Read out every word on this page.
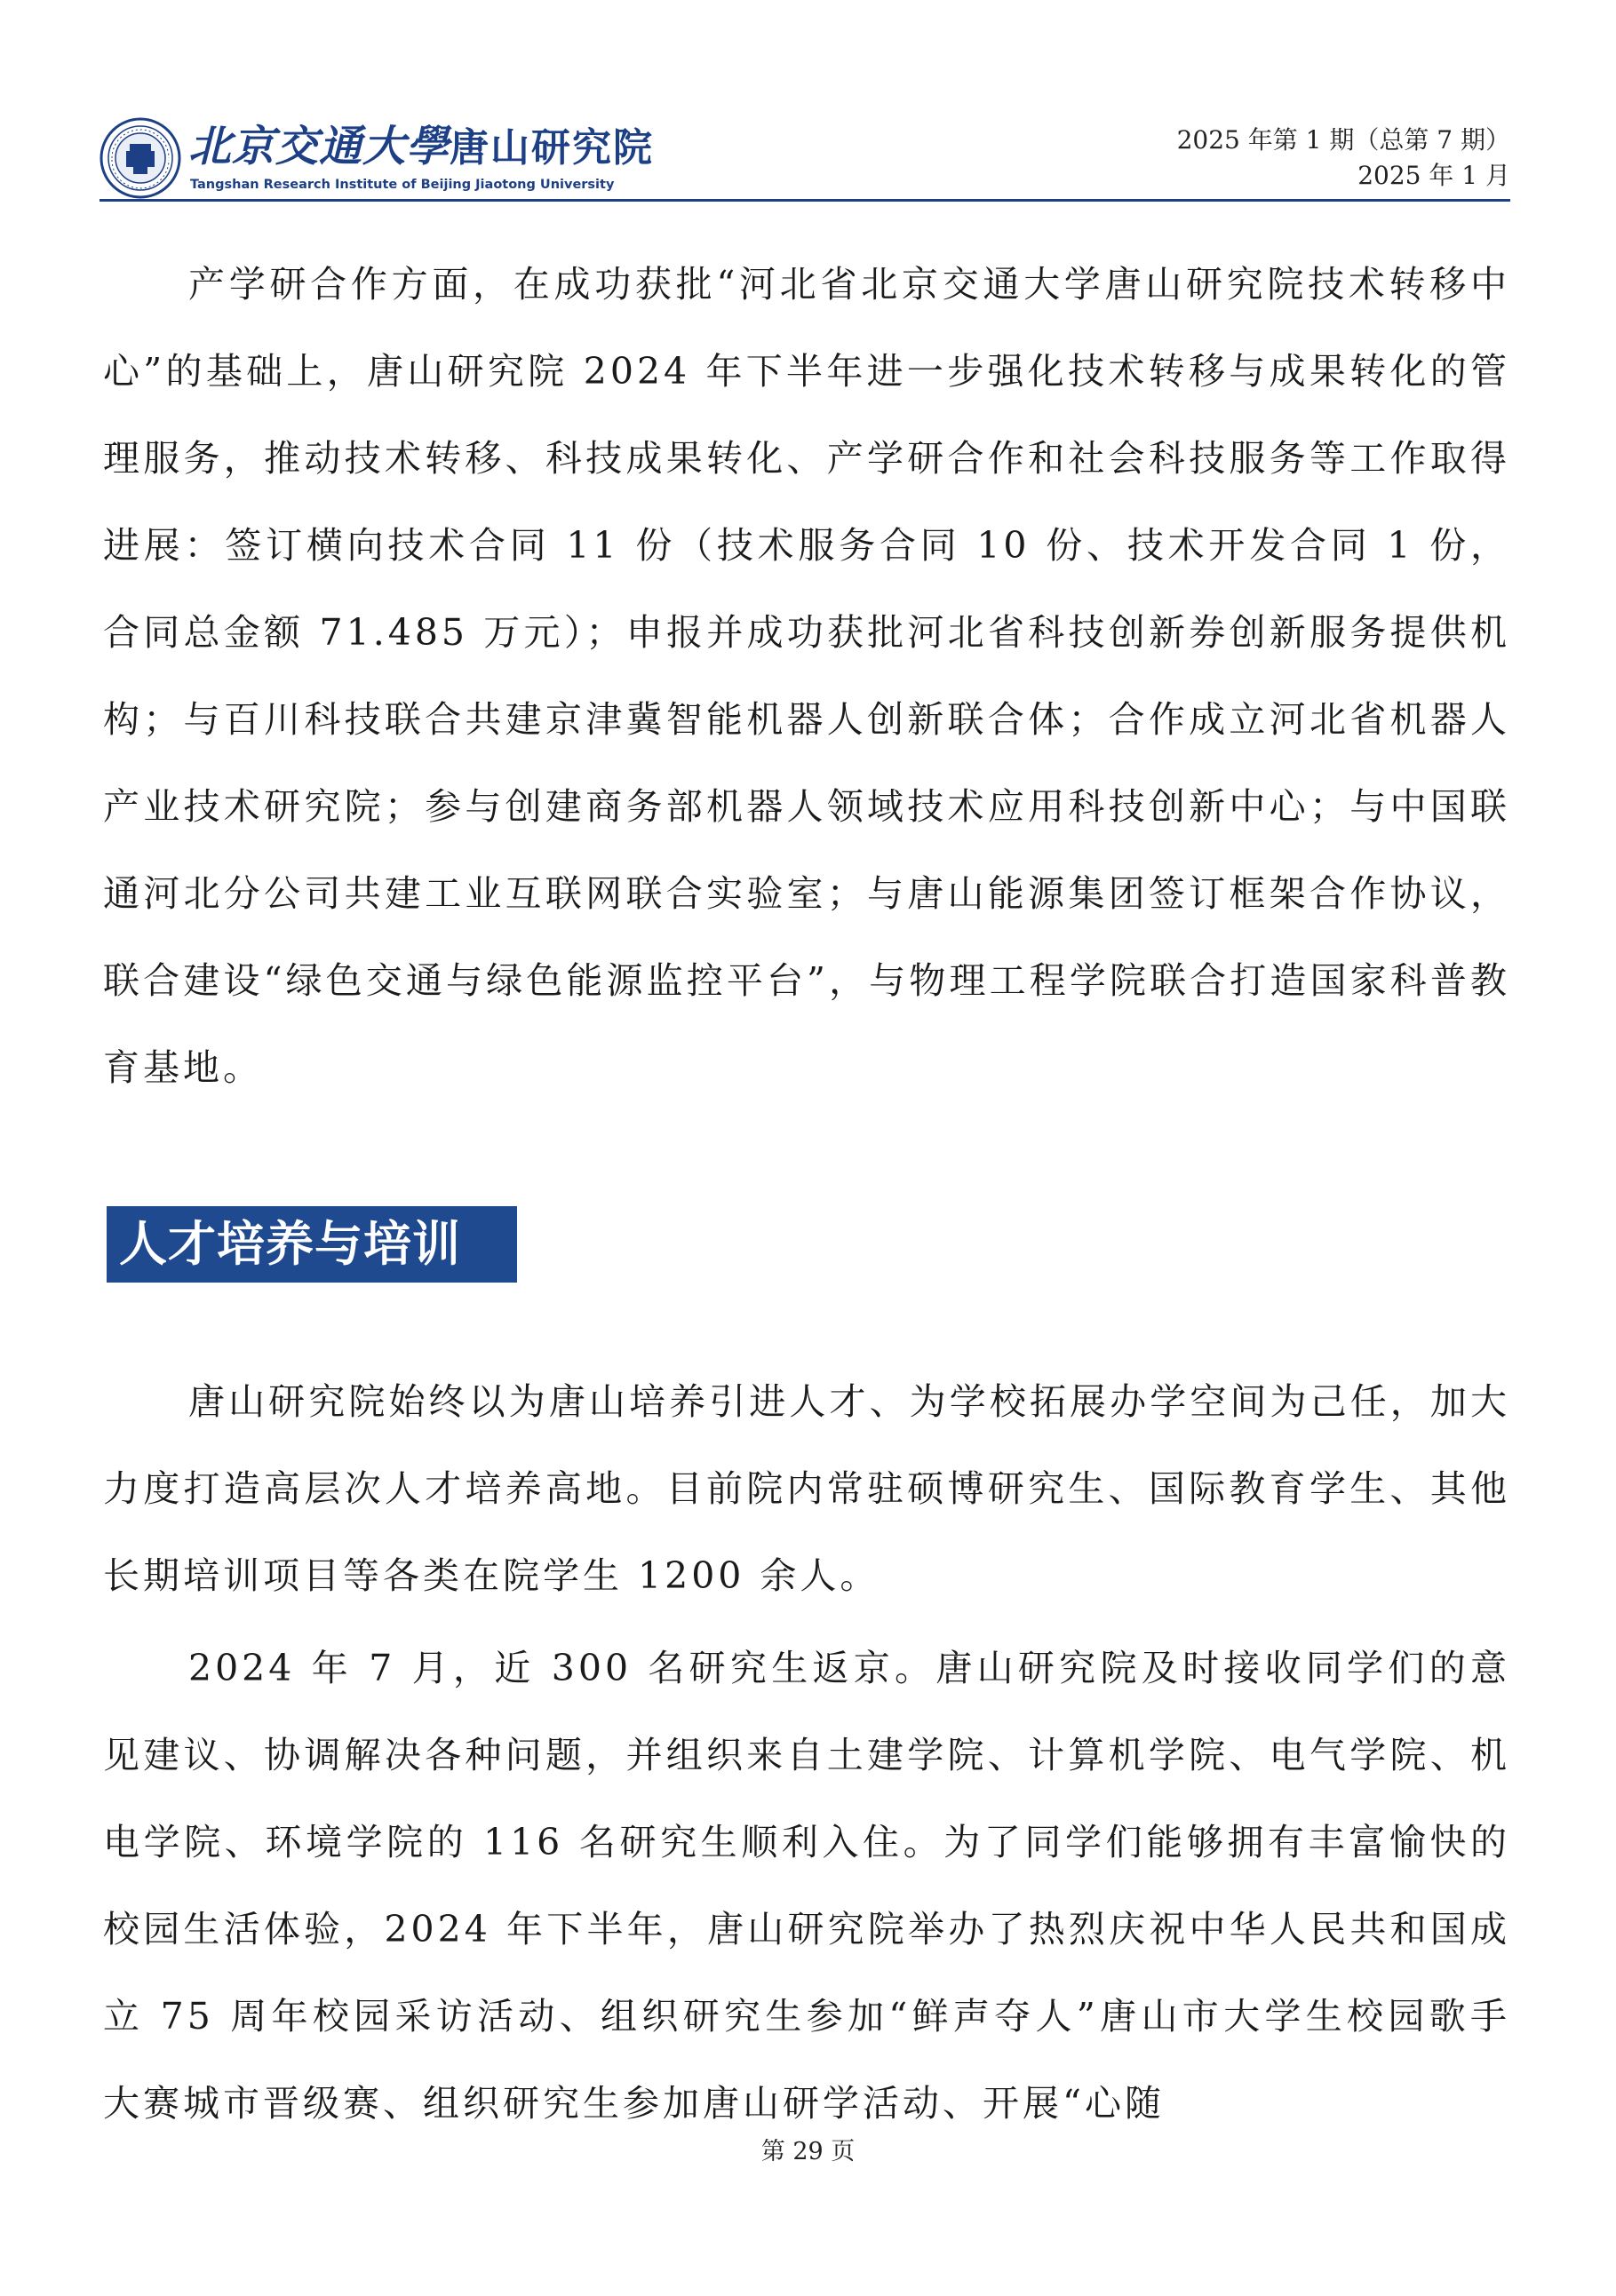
北京交通大學唐山研究院
Tangshan Research Institute of Beijing Jiaotong University
2025 年第 1 期（总第 7 期）
2025 年 1 月

产学研合作方面，在成功获批“河北省北京交通大学唐山研究院技术转移中心”的基础上，唐山研究院 2024 年下半年进一步强化技术转移与成果转化的管理服务，推动技术转移、科技成果转化、产学研合作和社会科技服务等工作取得进展：签订横向技术合同 11 份（技术服务合同 10 份、技术开发合同 1 份，合同总金额 71.485 万元）；申报并成功获批河北省科技创新券创新服务提供机构；与百川科技联合共建京津冀智能机器人创新联合体；合作成立河北省机器人产业技术研究院；参与创建商务部机器人领域技术应用科技创新中心；与中国联通河北分公司共建工业互联网联合实验室；与唐山能源集团签订框架合作协议，联合建设“绿色交通与绿色能源监控平台”，与物理工程学院联合打造国家科普教育基地。

人才培养与培训

唐山研究院始终以为唐山培养引进人才、为学校拓展办学空间为己任，加大力度打造高层次人才培养高地。目前院内常驻硕博研究生、国际教育学生、其他长期培训项目等各类在院学生 1200 余人。

2024 年 7 月，近 300 名研究生返京。唐山研究院及时接收同学们的意见建议、协调解决各种问题，并组织来自土建学院、计算机学院、电气学院、机电学院、环境学院的 116 名研究生顺利入住。为了同学们能够拥有丰富愉快的校园生活体验，2024 年下半年，唐山研究院举办了热烈庆祝中华人民共和国成立 75 周年校园采访活动、组织研究生参加“鲜声夺人”唐山市大学生校园歌手大赛城市晋级赛、组织研究生参加唐山研学活动、开展“心随

第 29 页
